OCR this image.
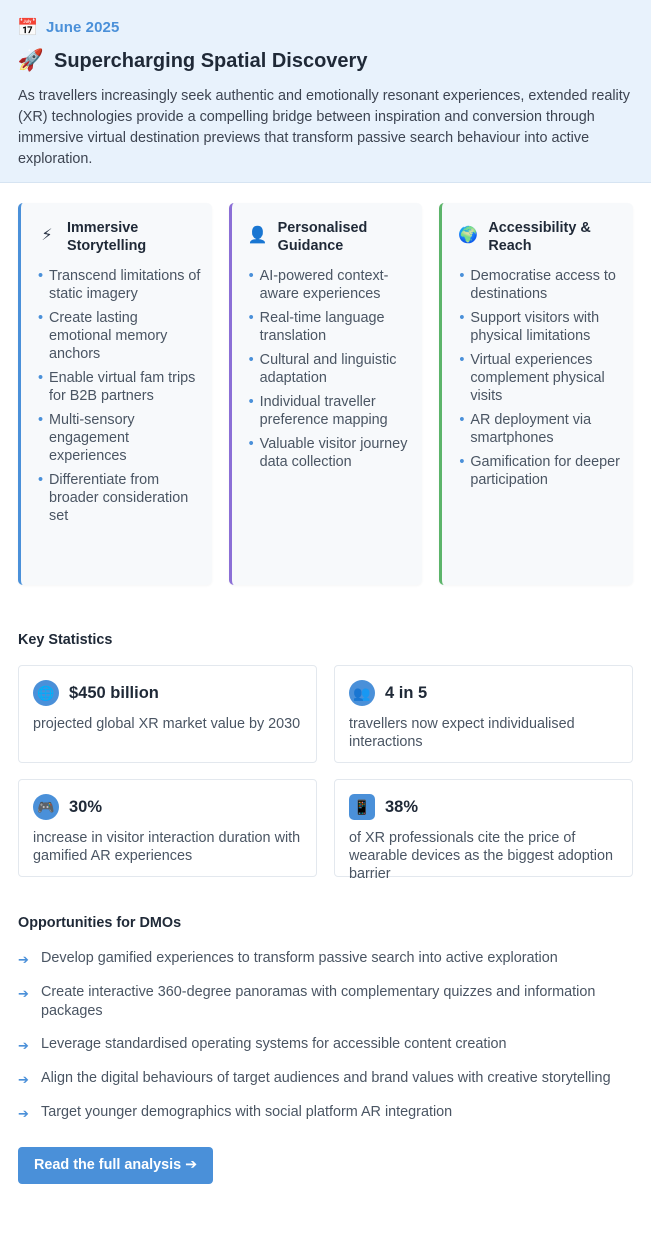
📅 June 2025
🚀 Supercharging Spatial Discovery

As travellers increasingly seek authentic and emotionally resonant experiences, extended reality (XR) technologies provide a compelling bridge between inspiration and conversion through immersive virtual destination previews that transform passive search behaviour into active exploration.

⚡ Immersive Storytelling
• Transcend limitations of static imagery
• Create lasting emotional memory anchors
• Enable virtual fam trips for B2B partners
• Multi-sensory engagement experiences
• Differentiate from broader consideration set
👤 Personalised Guidance
• AI-powered context-aware experiences
• Real-time language translation
• Cultural and linguistic adaptation
• Individual traveller preference mapping
• Valuable visitor journey data collection
🌍 Accessibility & Reach
• Democratise access to destinations
• Support visitors with physical limitations
• Virtual experiences complement physical visits
• AR deployment via smartphones
• Gamification for deeper participation
Key Statistics
🌐 $450 billion
projected global XR market value by 2030
👥 4 in 5
travellers now expect individualised interactions
🎮 30%
increase in visitor interaction duration with gamified AR experiences
📱 38%
of XR professionals cite the price of wearable devices as the biggest adoption barrier
Opportunities for DMOs
➔ Develop gamified experiences to transform passive search into active exploration
➔ Create interactive 360-degree panoramas with complementary quizzes and information packages
➔ Leverage standardised operating systems for accessible content creation
➔ Align the digital behaviours of target audiences and brand values with creative storytelling
➔ Target younger demographics with social platform AR integration
Read the full analysis ➔
